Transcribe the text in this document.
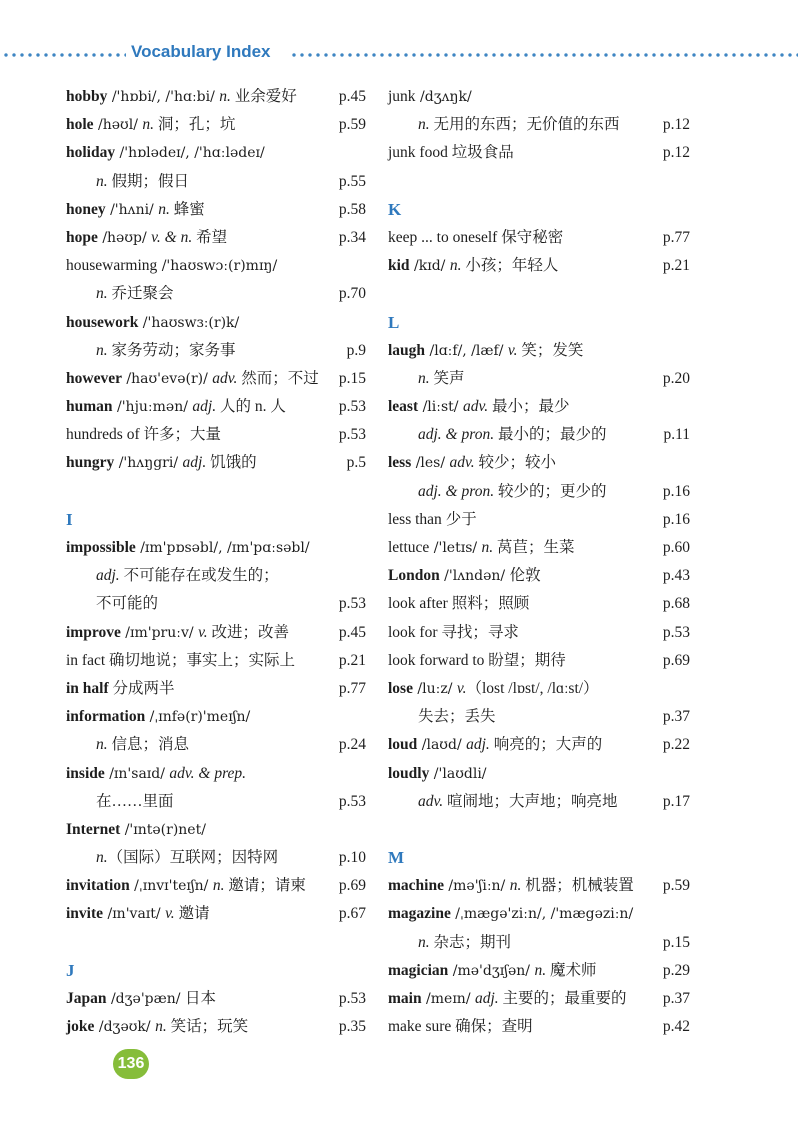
Vocabulary Index
hobby /'hɒbi/, /'hɑːbi/ n. 业余爱好	p.45
hole /həʊl/ n. 洞；孔；坑	p.59
holiday /'hɒlədeɪ/, /'hɑːlədeɪ/
n. 假期；假日	p.55
honey /'hʌni/ n. 蜂蜜	p.58
hope /həʊp/ v. & n. 希望	p.34
housewarming /'haʊswɔː(r)mɪŋ/
n. 乔迁聚会	p.70
housework /'haʊswɜː(r)k/
n. 家务劳动；家务事	p.9
however /haʊ'evə(r)/ adv. 然而；不过 p.15
human /'hjuːmən/ adj. 人的 n. 人	p.53
hundreds of 许多；大量	p.53
hungry /'hʌŋgri/ adj. 饥饿的	p.5
I
impossible /ɪm'pɒsəbl/, /ɪm'pɑːsəbl/
adj. 不可能存在或发生的；
不可能的	p.53
improve /ɪm'pruːv/ v. 改进；改善	p.45
in fact 确切地说；事实上；实际上	p.21
in half 分成两半	p.77
information /ˌɪnfə(r)'meɪʃn/
n. 信息；消息	p.24
inside /ɪn'saɪd/ adv. & prep.
在……里面	p.53
Internet /'ɪntə(r)net/
n.（国际）互联网；因特网	p.10
invitation /ˌɪnvɪ'teɪʃn/ n. 邀请；请柬 p.69
invite /ɪn'vaɪt/ v. 邀请	p.67
J
Japan /dʒə'pæn/ 日本	p.53
joke /dʒəʊk/ n. 笑话；玩笑	p.35
junk /dʒʌŋk/
n. 无用的东西；无价值的东西	p.12
junk food 垃圾食品	p.12
K
keep ... to oneself 保守秘密	p.77
kid /kɪd/ n. 小孩；年轻人	p.21
L
laugh /lɑːf/, /læf/ v. 笑；发笑
n. 笑声	p.20
least /liːst/ adv. 最小；最少
adj. & pron. 最小的；最少的	p.11
less /les/ adv. 较少；较小
adj. & pron. 较少的；更少的	p.16
less than 少于	p.16
lettuce /'letɪs/ n. 莴苣；生菜	p.60
London /'lʌndən/ 伦敦	p.43
look after 照料；照顾	p.68
look for 寻找；寻求	p.53
look forward to 盼望；期待	p.69
lose /luːz/ v.（lost /lɒst/, /lɑːst/）
失去；丢失	p.37
loud /laʊd/ adj. 响亮的；大声的	p.22
loudly /'laʊdli/
adv. 喧闹地；大声地；响亮地	p.17
M
machine /mə'ʃiːn/ n. 机器；机械装置 p.59
magazine /ˌmægə'ziːn/, /'mægəziːn/
n. 杂志；期刊	p.15
magician /mə'dʒɪʃən/ n. 魔术师	p.29
main /meɪn/ adj. 主要的；最重要的 p.37
make sure 确保；查明	p.42
136
